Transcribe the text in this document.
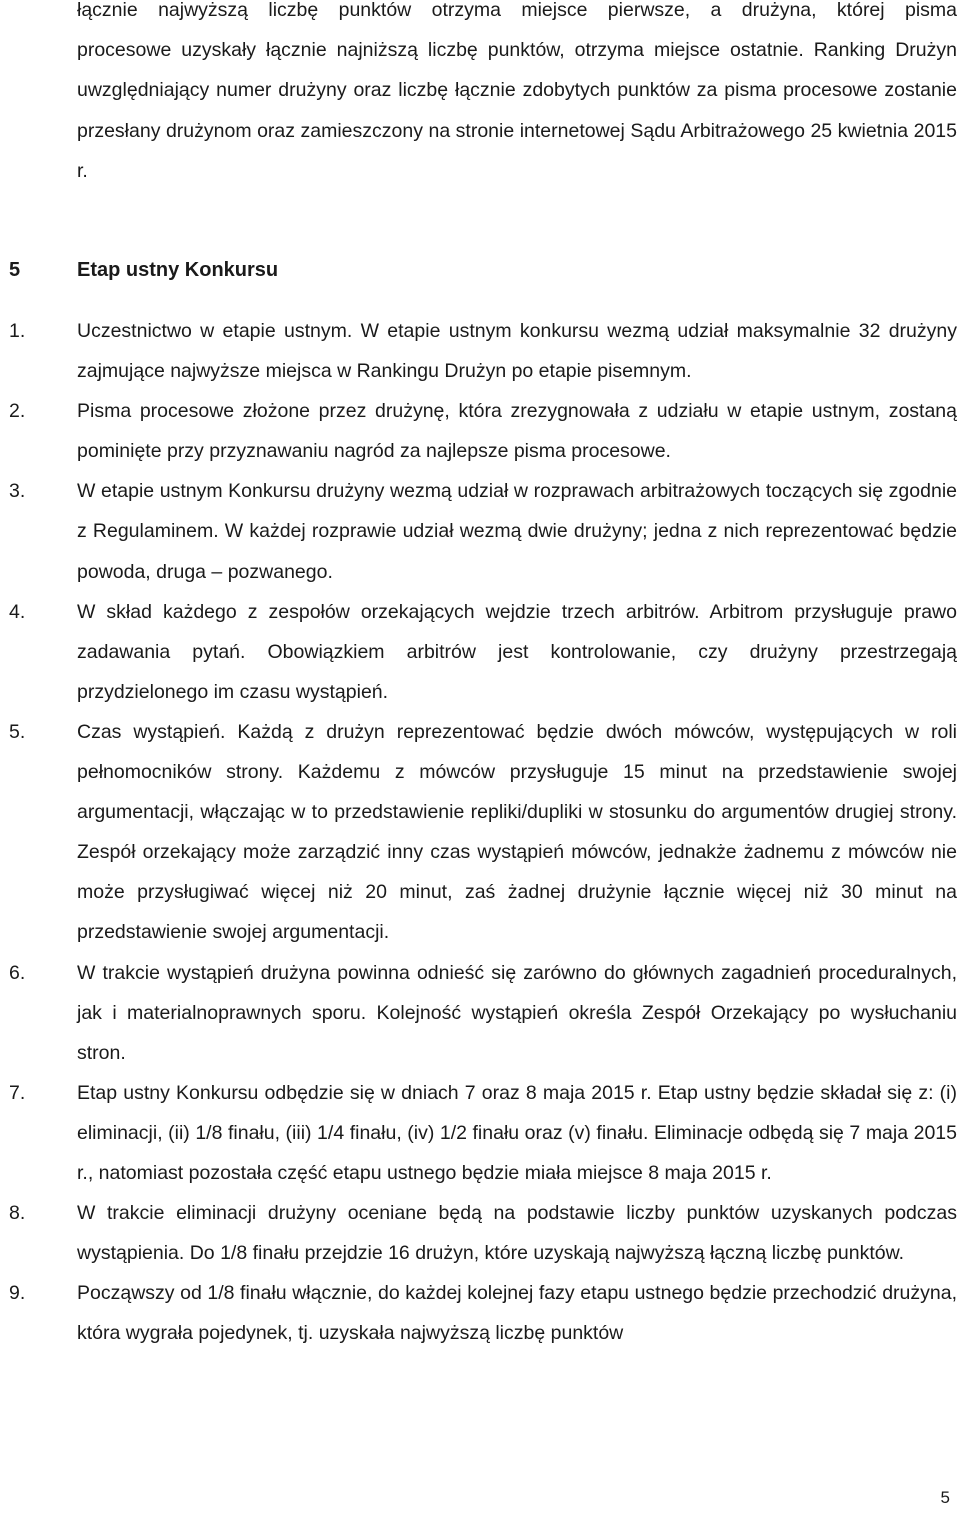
łącznie najwyższą liczbę punktów otrzyma miejsce pierwsze, a drużyna, której pisma
procesowe uzyskały łącznie najniższą liczbę punktów, otrzyma miejsce ostatnie. Ranking Drużyn uwzględniający numer drużyny oraz liczbę łącznie zdobytych punktów za pisma procesowe zostanie przesłany drużynom oraz zamieszczony na stronie internetowej Sądu Arbitrażowego 25 kwietnia 2015 r.

5	Etap ustny Konkursu
1.	Uczestnictwo w etapie ustnym. W etapie ustnym konkursu wezmą udział maksymalnie 32 drużyny zajmujące najwyższe miejsca w Rankingu Drużyn po etapie pisemnym.
2.	Pisma procesowe złożone przez drużynę, która zrezygnowała z udziału w etapie ustnym, zostaną pominięte przy przyznawaniu nagród za najlepsze pisma procesowe.
3.	W etapie ustnym Konkursu drużyny wezmą udział w rozprawach arbitrażowych toczących się zgodnie z Regulaminem. W każdej rozprawie udział wezmą dwie drużyny; jedna z nich reprezentować będzie powoda, druga – pozwanego.
4.	W skład każdego z zespołów orzekających wejdzie trzech arbitrów. Arbitrom przysługuje prawo zadawania pytań. Obowiązkiem arbitrów jest kontrolowanie, czy drużyny przestrzegają przydzielonego im czasu wystąpień.
5.	Czas wystąpień. Każdą z drużyn reprezentować będzie dwóch mówców, występujących w roli pełnomocników strony. Każdemu z mówców przysługuje 15 minut na przedstawienie swojej argumentacji, włączając w to przedstawienie repliki/dupliki w stosunku do argumentów drugiej strony. Zespół orzekający może zarządzić inny czas wystąpień mówców, jednakże żadnemu z mówców nie może przysługiwać więcej niż 20 minut, zaś żadnej drużynie łącznie więcej niż 30 minut na przedstawienie swojej argumentacji.
6.	W trakcie wystąpień drużyna powinna odnieść się zarówno do głównych zagadnień proceduralnych, jak i materialnoprawnych sporu. Kolejność wystąpień określa Zespół Orzekający po wysłuchaniu stron.
7.	Etap ustny Konkursu odbędzie się w dniach 7 oraz 8 maja 2015 r. Etap ustny będzie składał się z: (i) eliminacji, (ii) 1/8 finału, (iii) 1/4 finału, (iv) 1/2 finału oraz (v) finału. Eliminacje odbędą się 7 maja 2015 r., natomiast pozostała część etapu ustnego będzie miała miejsce 8 maja 2015 r.
8.	W trakcie eliminacji drużyny oceniane będą na podstawie liczby punktów uzyskanych podczas wystąpienia. Do 1/8 finału przejdzie 16 drużyn, które uzyskają najwyższą łączną liczbę punktów.
9.	Począwszy od 1/8 finału włącznie, do każdej kolejnej fazy etapu ustnego będzie przechodzić drużyna, która wygrała pojedynek, tj. uzyskała najwyższą liczbę punktów
5
